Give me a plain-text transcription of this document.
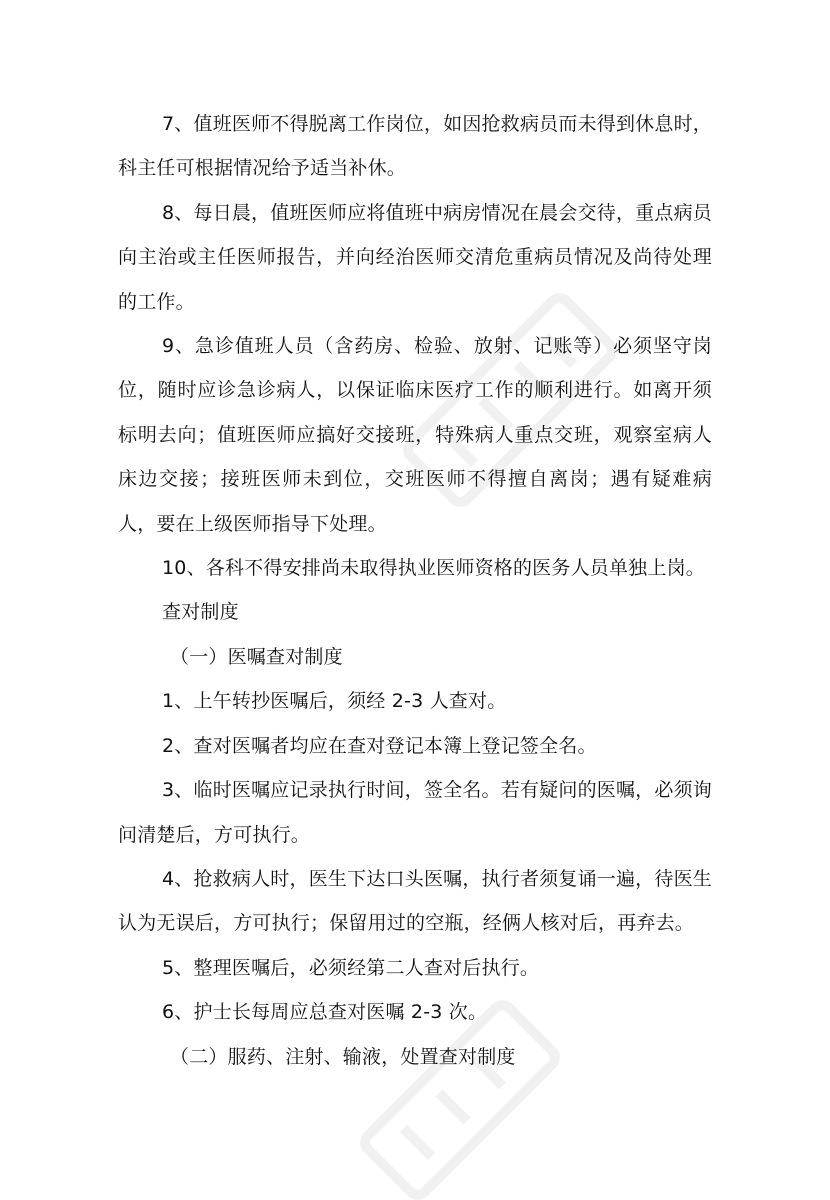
7、值班医师不得脱离工作岗位，如因抢救病员而未得到休息时，科主任可根据情况给予适当补休。

8、每日晨，值班医师应将值班中病房情况在晨会交待，重点病员向主治或主任医师报告，并向经治医师交清危重病员情况及尚待处理的工作。

9、急诊值班人员（含药房、检验、放射、记账等）必须坚守岗位，随时应诊急诊病人，以保证临床医疗工作的顺利进行。如离开须标明去向；值班医师应搞好交接班，特殊病人重点交班，观察室病人床边交接；接班医师未到位，交班医师不得擅自离岗；遇有疑难病人，要在上级医师指导下处理。

10、各科不得安排尚未取得执业医师资格的医务人员单独上岗。

查对制度

（一）医嘱查对制度

1、上午转抄医嘱后，须经 2-3 人查对。

2、查对医嘱者均应在查对登记本簿上登记签全名。

3、临时医嘱应记录执行时间，签全名。若有疑问的医嘱，必须询问清楚后，方可执行。

4、抢救病人时，医生下达口头医嘱，执行者须复诵一遍，待医生认为无误后，方可执行；保留用过的空瓶，经俩人核对后，再弃去。

5、整理医嘱后，必须经第二人查对后执行。

6、护士长每周应总查对医嘱 2-3 次。

（二）服药、注射、输液，处置查对制度
